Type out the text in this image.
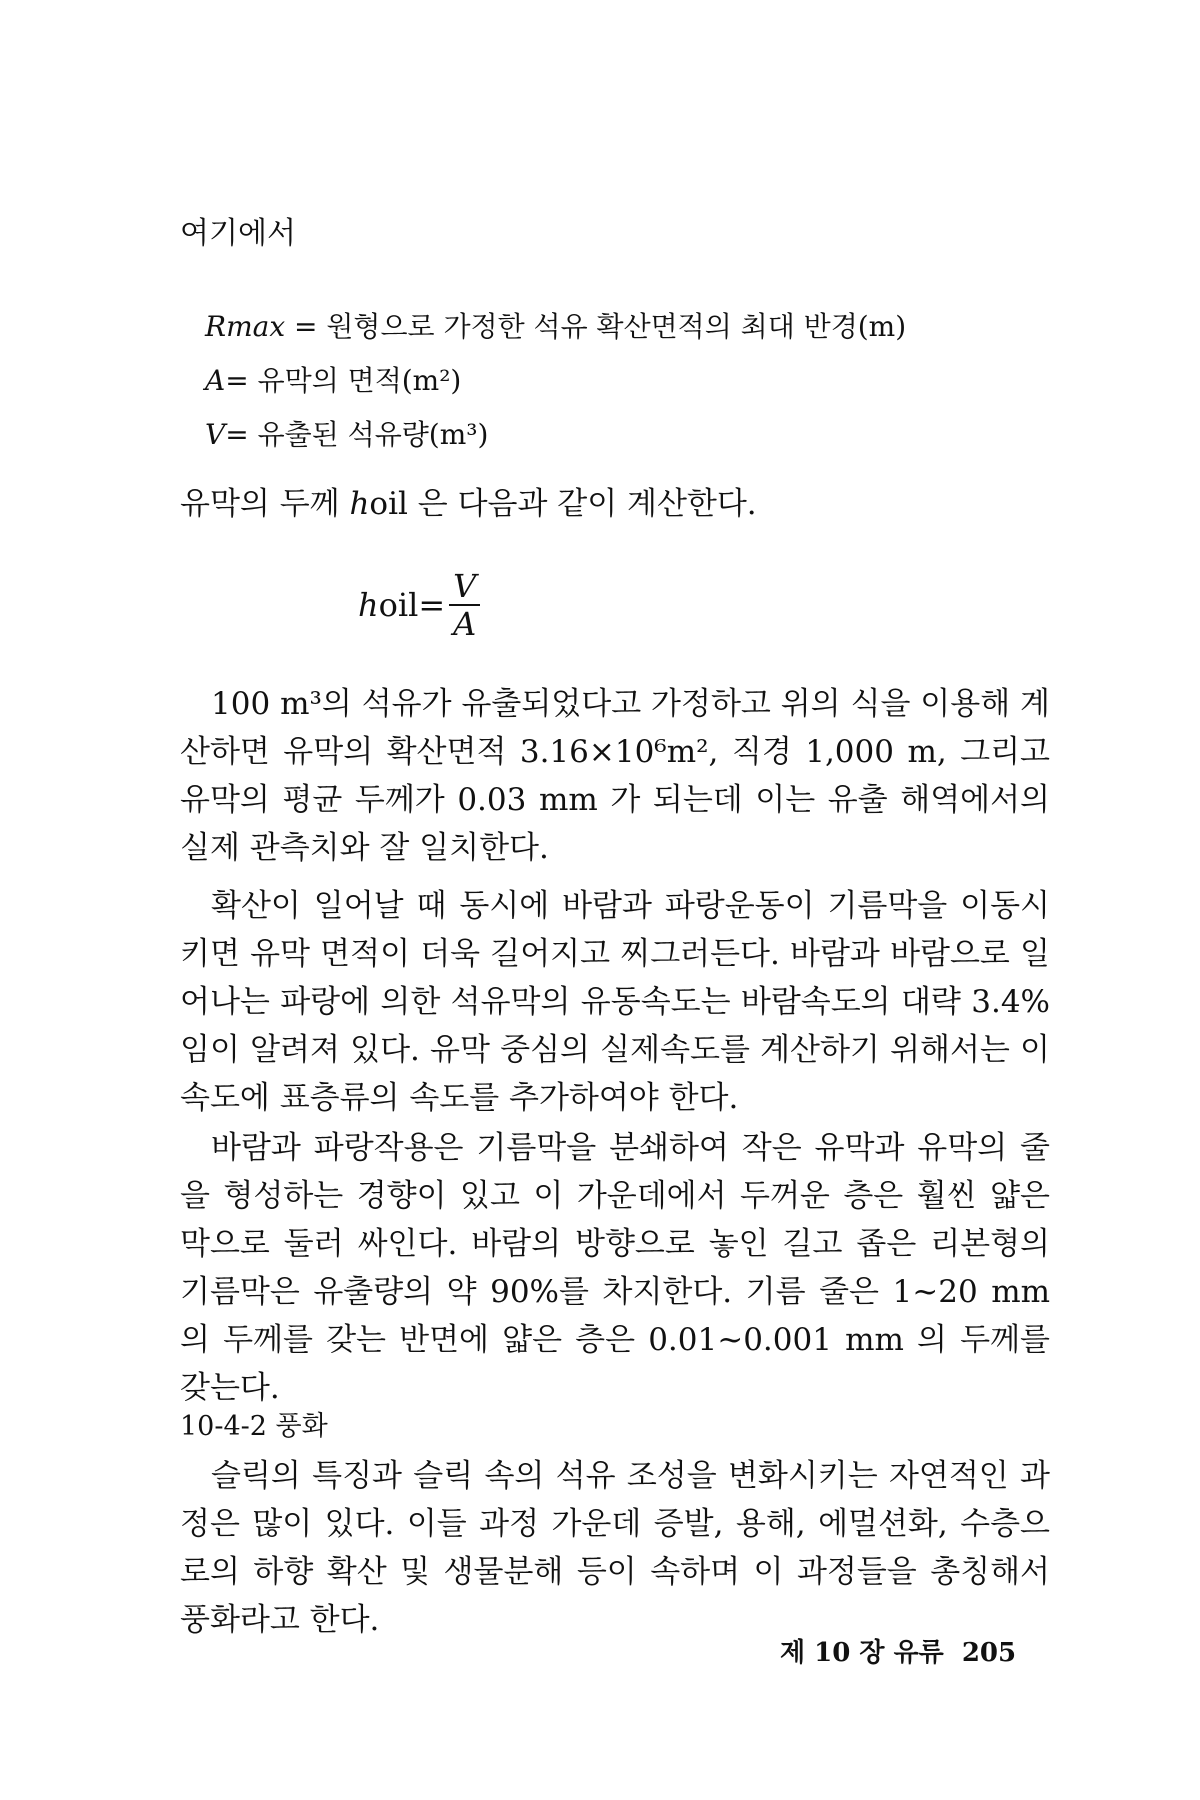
여기에서
Rmax = 원형으로 가정한 석유 확산면적의 최대 반경(m)
A= 유막의 면적(m²)
V= 유출된 석유량(m³)
유막의 두께 hoil 은 다음과 같이 계산한다.
h oil = $\frac{V}{A}$
100 m³의 석유가 유출되었다고 가정하고 위의 식을 이용해 계산하면 유막의 확산면적 3.16×10⁶m², 직경 1,000 m, 그리고 유막의 평균 두께가 0.03 mm 가 되는데 이는 유출 해역에서의 실제 관측치와 잘 일치한다.
확산이 일어날 때 동시에 바람과 파랑운동이 기름막을 이동시키면 유막 면적이 더욱 길어지고 찌그러든다. 바람과 바람으로 일어나는 파랑에 의한 석유막의 유동속도는 바람속도의 대략 3.4%임이 알려져 있다. 유막 중심의 실제속도를 계산하기 위해서는 이 속도에 표층류의 속도를 추가하여야 한다.
바람과 파랑작용은 기름막을 분쇄하여 작은 유막과 유막의 줄을 형성하는 경향이 있고 이 가운데에서 두꺼운 층은 훨씬 얇은 막으로 둘러 싸인다. 바람의 방향으로 놓인 길고 좁은 리본형의 기름막은 유출량의 약 90%를 차지한다. 기름 줄은 1~20 mm 의 두께를 갖는 반면에 얇은 층은 0.01~0.001 mm 의 두께를 갖는다.
10-4-2 풍화
슬릭의 특징과 슬릭 속의 석유 조성을 변화시키는 자연적인 과정은 많이 있다. 이들 과정 가운데 증발, 용해, 에멀션화, 수층으로의 하향 확산 및 생물분해 등이 속하며 이 과정들을 총칭해서 풍화라고 한다.
제 10 장 유류 205
